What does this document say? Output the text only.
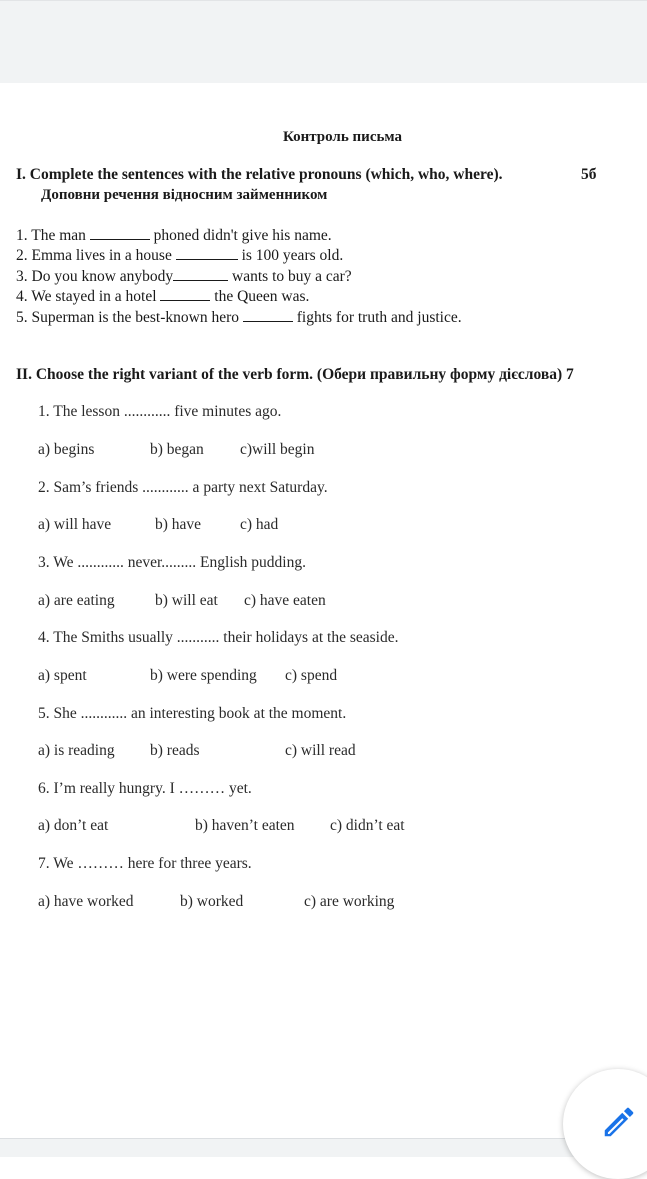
Контроль письма
I. Complete the sentences with the relative pronouns (which, who, where).	5б
Доповни речення відносним займенником
1. The man	phoned didn't give his name.
2. Emma lives in a house	is 100 years old.
3. Do you know anybody	wants to buy a car?
4. We stayed in a hotel	the Queen was.
5. Superman is the best-known hero	fights for truth and justice.
II. Choose the right variant of the verb form. (Обери правильну форму дієслова) 7
1. The lesson ............ five minutes ago.
a) begins	b) began c)will begin
2. Sam’s friends ............ a party next Saturday.
a) will have	b) have	c) had
3. We ............ never......... English pudding.
a) are eating	b) will eat c) have eaten
4. The Smiths usually ........... their holidays at the seaside.
a) spent	b) were spending c) spend
5. She ............ an interesting book at the moment.
a) is reading b) reads	c) will read
6. I’m really hungry. I ……… yet.
a) don’t eat	b) haven’t eaten c) didn’t eat
7. We ……… here for three years.
a) have worked	b) worked	c) are working
